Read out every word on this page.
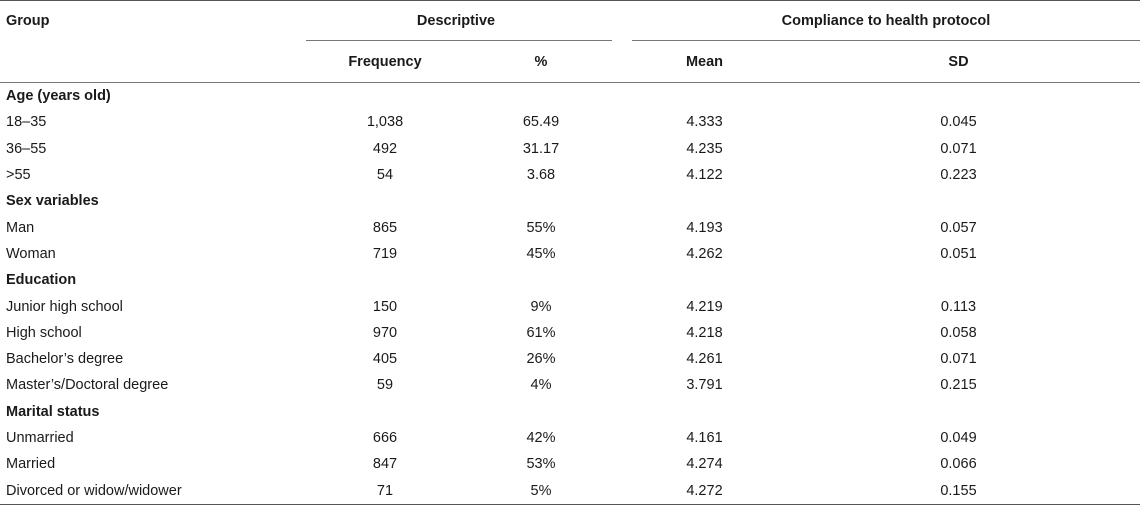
Group	Descriptive			Compliance to health protocol	
	Frequency	%		Mean	SD
Age (years old)					
18–35	1,038	65.49		4.333	0.045
36–55	492	31.17		4.235	0.071
>55	54	3.68		4.122	0.223
Sex variables					
Man	865	55%		4.193	0.057
Woman	719	45%		4.262	0.051
Education					
Junior high school	150	9%		4.219	0.113
High school	970	61%		4.218	0.058
Bachelor’s degree	405	26%		4.261	0.071
Master’s/Doctoral degree	59	4%		3.791	0.215
Marital status					
Unmarried	666	42%		4.161	0.049
Married	847	53%		4.274	0.066
Divorced or widow/widower	71	5%		4.272	0.155
